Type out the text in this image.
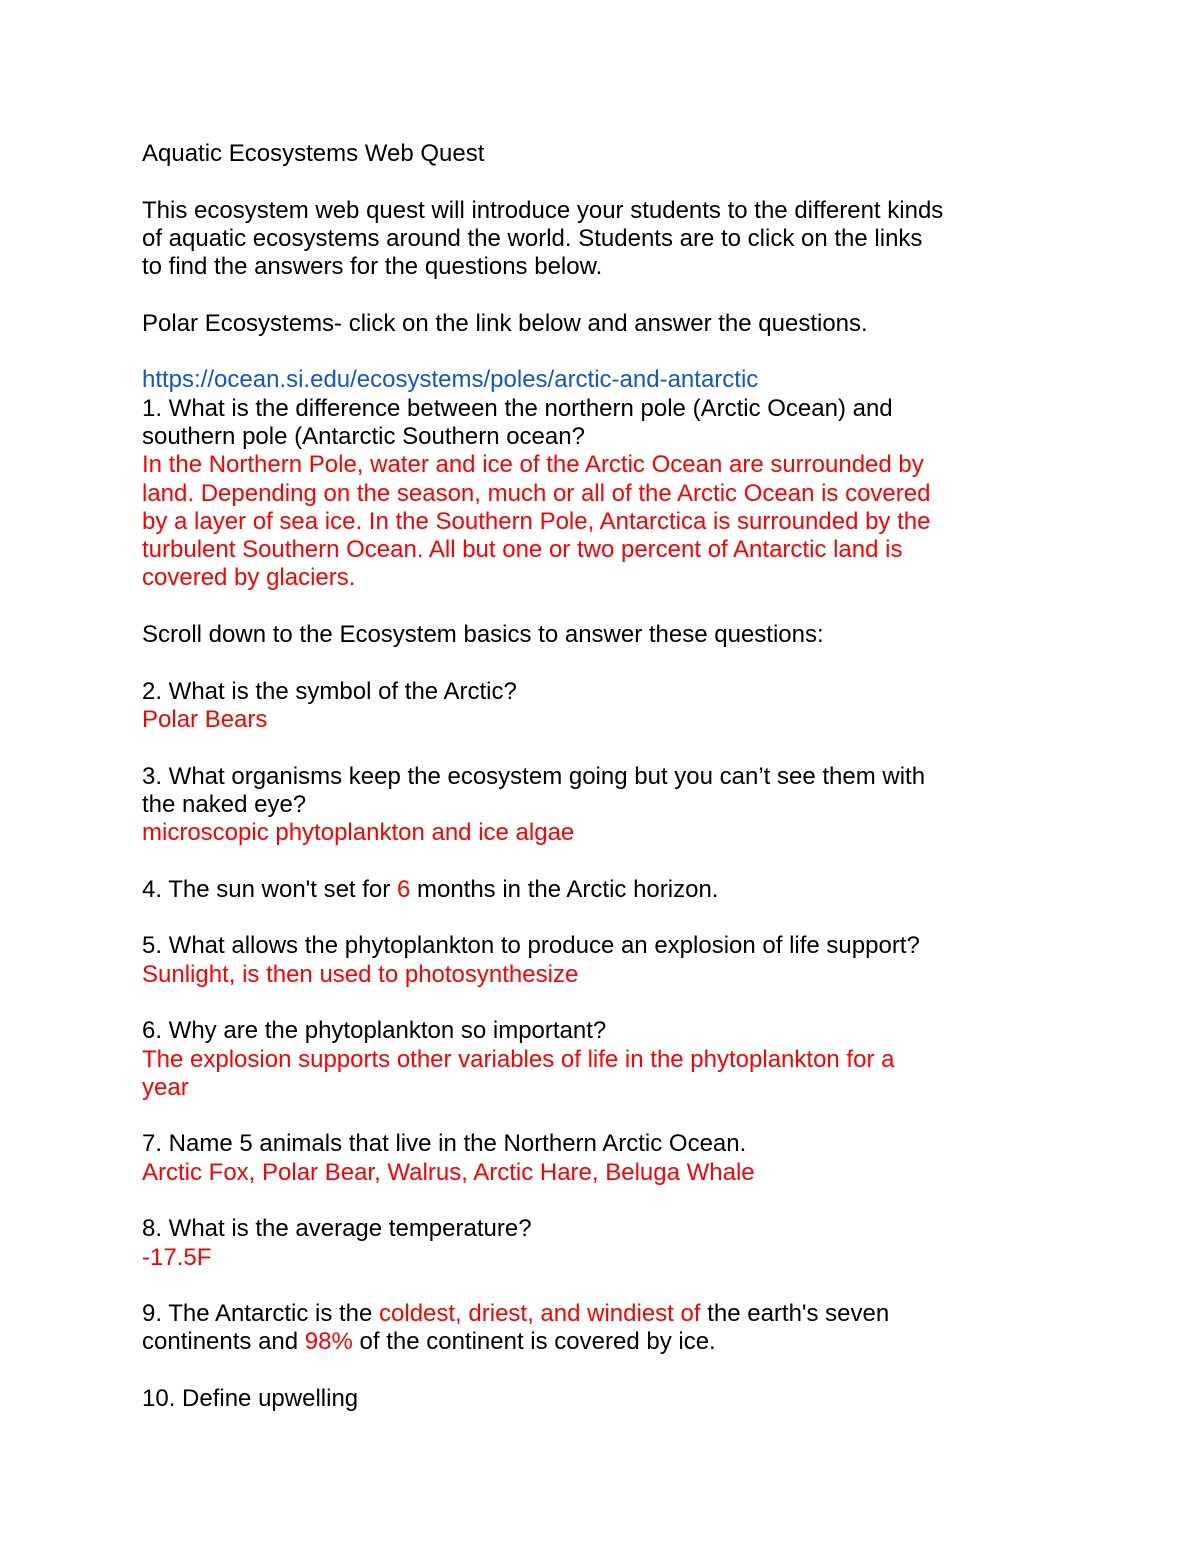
Aquatic Ecosystems Web Quest
This ecosystem web quest will introduce your students to the different kinds
of aquatic ecosystems around the world. Students are to click on the links
to find the answers for the questions below.
Polar Ecosystems- click on the link below and answer the questions.
https://ocean.si.edu/ecosystems/poles/arctic-and-antarctic
1. What is the difference between the northern pole (Arctic Ocean) and
southern pole (Antarctic Southern ocean?
In the Northern Pole, water and ice of the Arctic Ocean are surrounded by
land. Depending on the season, much or all of the Arctic Ocean is covered
by a layer of sea ice. In the Southern Pole, Antarctica is surrounded by the
turbulent Southern Ocean. All but one or two percent of Antarctic land is
covered by glaciers.
Scroll down to the Ecosystem basics to answer these questions:
2. What is the symbol of the Arctic?
Polar Bears
3. What organisms keep the ecosystem going but you can’t see them with
the naked eye?
microscopic phytoplankton and ice algae
4. The sun won't set for 6 months in the Arctic horizon.
5. What allows the phytoplankton to produce an explosion of life support?
Sunlight, is then used to photosynthesize
6. Why are the phytoplankton so important?
The explosion supports other variables of life in the phytoplankton for a
year
7. Name 5 animals that live in the Northern Arctic Ocean.
Arctic Fox, Polar Bear, Walrus, Arctic Hare, Beluga Whale
8. What is the average temperature?
-17.5F
9. The Antarctic is the coldest, driest, and windiest of the earth's seven
continents and 98% of the continent is covered by ice.
10. Define upwelling
